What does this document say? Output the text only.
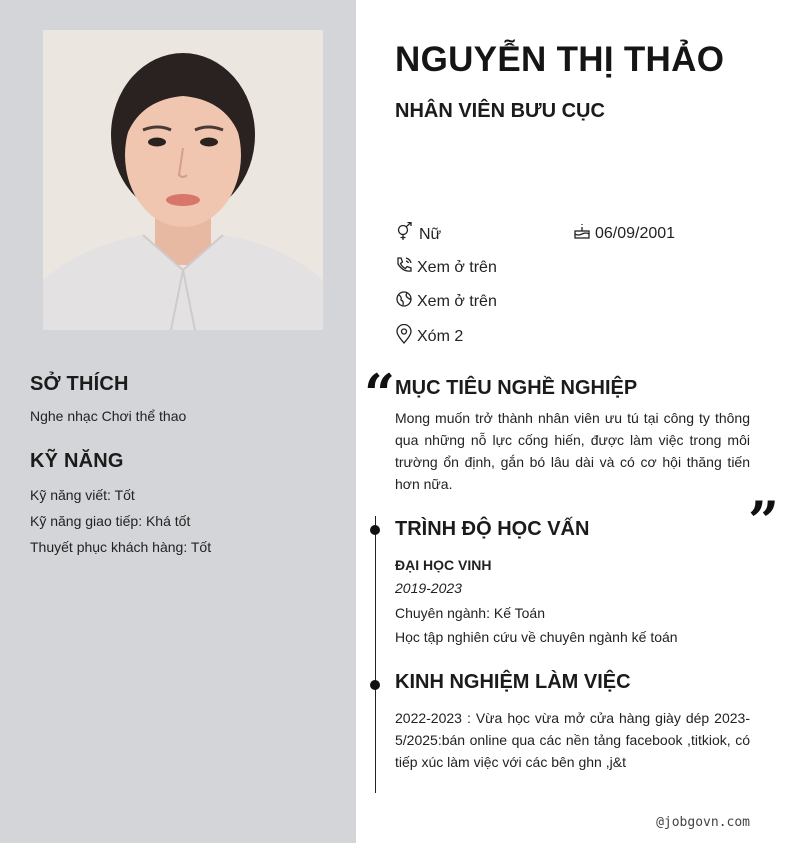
SỞ THÍCH
Nghe nhạc Chơi thể thao
KỸ NĂNG
Kỹ năng viết: Tốt
Kỹ năng giao tiếp: Khá tốt
Thuyết phục khách hàng: Tốt
NGUYỄN THỊ THẢO
NHÂN VIÊN BƯU CỤC
Nữ	06/09/2001
Xem ở trên
Xem ở trên
Xóm 2
“ MỤC TIÊU NGHỀ NGHIỆP
Mong muốn trở thành nhân viên ưu tú tại công ty thông qua những nỗ lực cống hiến, được làm việc trong môi trường ổn định, gắn bó lâu dài và có cơ hội thăng tiến hơn nữa.
”
TRÌNH ĐỘ HỌC VẤN
ĐẠI HỌC VINH
2019-2023
Chuyên ngành: Kế Toán
Học tập nghiên cứu về chuyên ngành kế toán
KINH NGHIỆM LÀM VIỆC
2022-2023 : Vừa học vừa mở cửa hàng giày dép 2023-5/2025:bán online qua các nền tảng facebook ,titkiok, có tiếp xúc làm việc với các bên ghn ,j&t
@jobgovn.com
